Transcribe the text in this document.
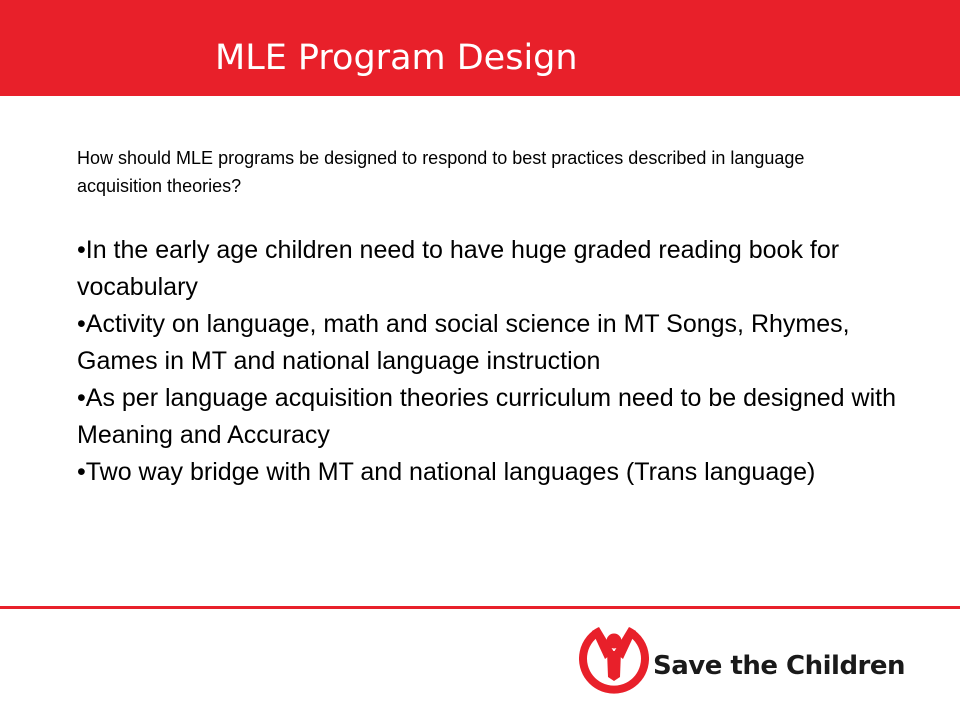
MLE Program Design

How should MLE programs be designed to respond to best practices described in language acquisition theories?

•In the early age children need to have huge graded reading book for vocabulary
•Activity on language, math and social science in MT Songs, Rhymes, Games in MT and national language instruction
•As per language acquisition theories curriculum need to be designed with Meaning and Accuracy
•Two way bridge with MT and national languages (Trans language)
Save the Children
